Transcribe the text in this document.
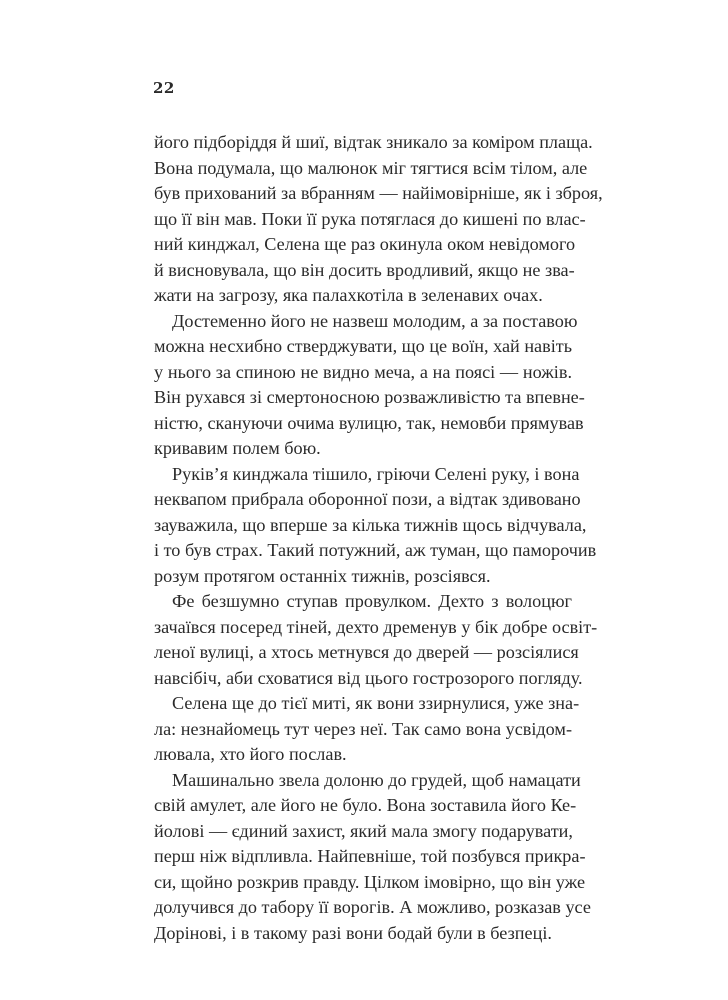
22
його підборіддя й шиї, відтак зникало за коміром плаща.
Вона подумала, що малюнок міг тягтися всім тілом, але
був прихований за вбранням — найімовірніше, як і зброя,
що її він мав. Поки її рука потяглася до кишені по влас-
ний кинджал, Селена ще раз окинула оком невідомого
й висновувала, що він досить вродливий, якщо не зва-
жати на загрозу, яка палахкотіла в зеленавих очах.
Достеменно його не назвеш молодим, а за поставою
можна несхибно стверджувати, що це воїн, хай навіть
у нього за спиною не видно меча, а на поясі — ножів.
Він рухався зі смертоносною розважливістю та впевне-
ністю, скануючи очима вулицю, так, немовби прямував
кривавим полем бою.
Руків’я кинджала тішило, гріючи Селені руку, і вона
неквапом прибрала оборонної пози, а відтак здивовано
зауважила, що вперше за кілька тижнів щось відчувала,
і то був страх. Такий потужний, аж туман, що паморочив
розум протягом останніх тижнів, розсіявся.
Фе безшумно ступав провулком. Дехто з волоцюг
зачаївся посеред тіней, дехто дременув у бік добре освіт-
леної вулиці, а хтось метнувся до дверей — розсіялися
навсібіч, аби сховатися від цього гострозорого погляду.
Селена ще до тієї миті, як вони ззирнулися, уже зна-
ла: незнайомець тут через неї. Так само вона усвідом-
лювала, хто його послав.
Машинально звела долоню до грудей, щоб намацати
свій амулет, але його не було. Вона зоставила його Ке-
йолові — єдиний захист, який мала змогу подарувати,
перш ніж відпливла. Найпевніше, той позбувся прикра-
си, щойно розкрив правду. Цілком імовірно, що він уже
долучився до табору її ворогів. А можливо, розказав усе
Доріновi, і в такому разі вони бодай були в безпеці.
